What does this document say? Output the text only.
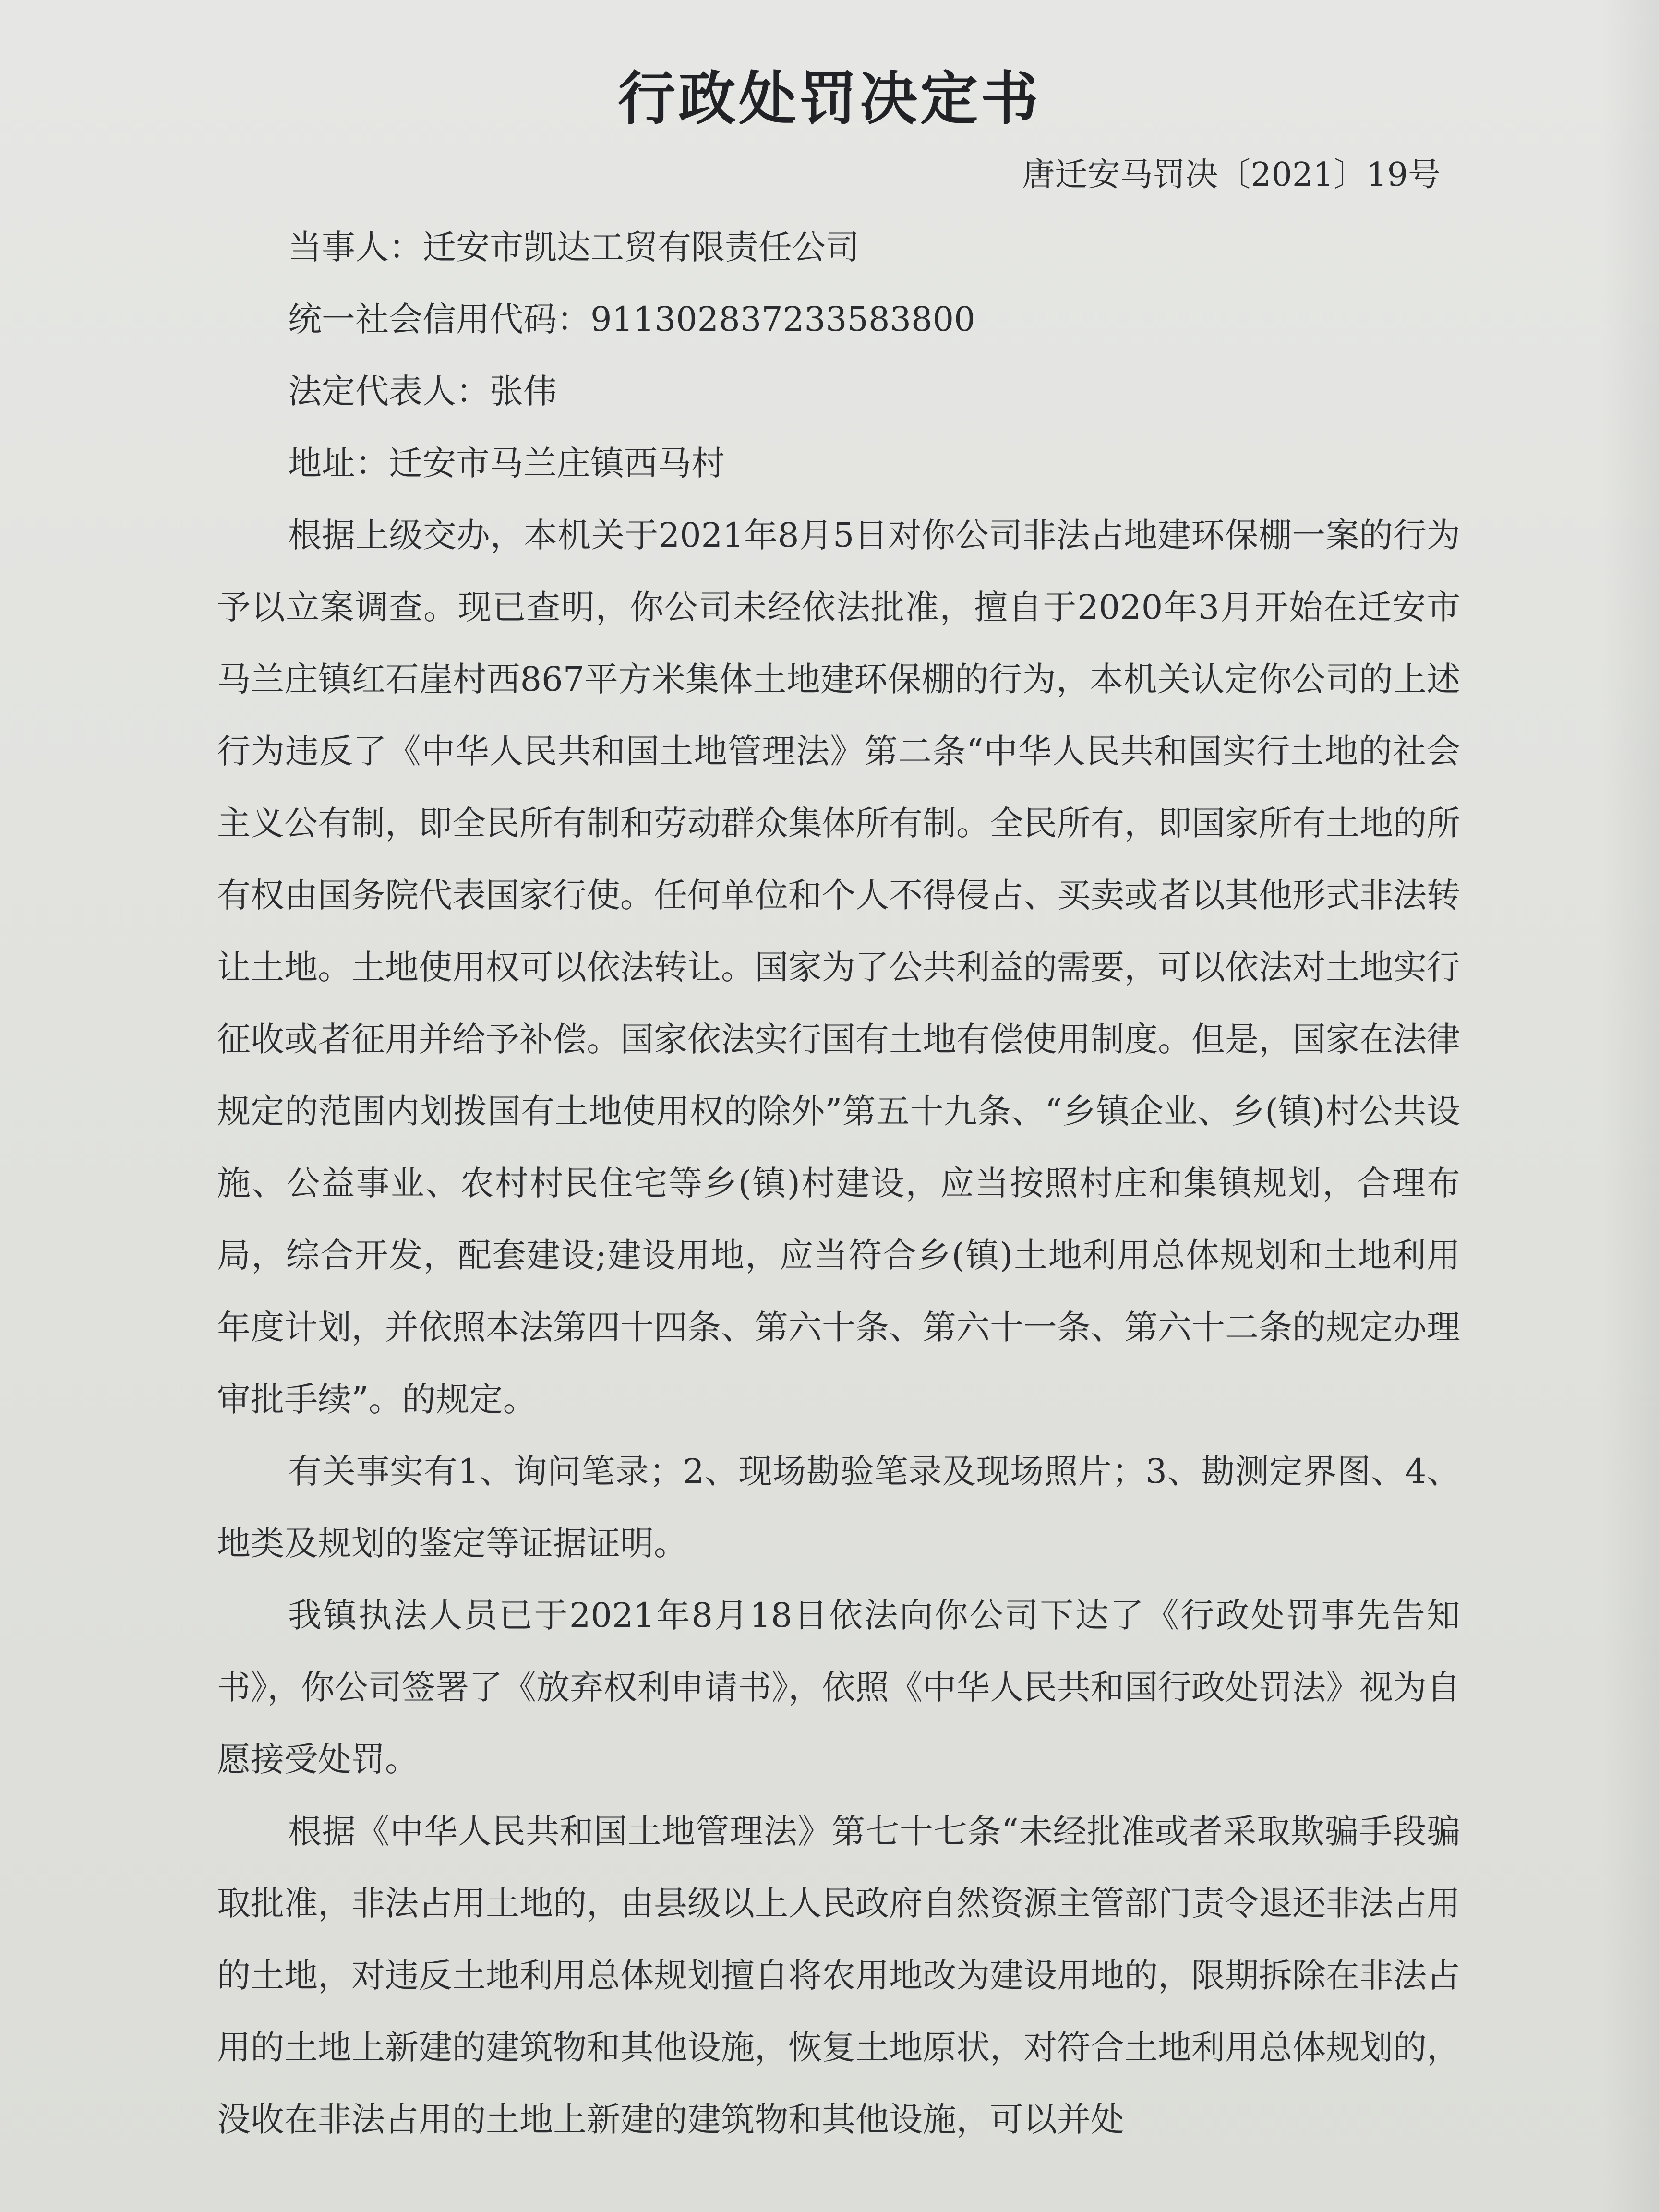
行政处罚决定书
唐迁安马罚决〔2021〕19号
当事人：迁安市凯达工贸有限责任公司
统一社会信用代码：911302837233583800
法定代表人：张伟
地址：迁安市马兰庄镇西马村

根据上级交办，本机关于2021年8月5日对你公司非法占地建环保棚一案的行为予以立案调查。现已查明，你公司未经依法批准，擅自于2020年3月开始在迁安市马兰庄镇红石崖村西867平方米集体土地建环保棚的行为，本机关认定你公司的上述行为违反了《中华人民共和国土地管理法》第二条“中华人民共和国实行土地的社会主义公有制，即全民所有制和劳动群众集体所有制。全民所有，即国家所有土地的所有权由国务院代表国家行使。任何单位和个人不得侵占、买卖或者以其他形式非法转让土地。土地使用权可以依法转让。国家为了公共利益的需要，可以依法对土地实行征收或者征用并给予补偿。国家依法实行国有土地有偿使用制度。但是，国家在法律规定的范围内划拨国有土地使用权的除外”第五十九条、“乡镇企业、乡(镇)村公共设施、公益事业、农村村民住宅等乡(镇)村建设，应当按照村庄和集镇规划，合理布局，综合开发，配套建设;建设用地，应当符合乡(镇)土地利用总体规划和土地利用年度计划，并依照本法第四十四条、第六十条、第六十一条、第六十二条的规定办理审批手续”。的规定。

有关事实有1、询问笔录；2、现场勘验笔录及现场照片；3、勘测定界图、4、地类及规划的鉴定等证据证明。

我镇执法人员已于2021年8月18日依法向你公司下达了《行政处罚事先告知书》，你公司签署了《放弃权利申请书》，依照《中华人民共和国行政处罚法》视为自愿接受处罚。

根据《中华人民共和国土地管理法》第七十七条“未经批准或者采取欺骗手段骗取批准，非法占用土地的，由县级以上人民政府自然资源主管部门责令退还非法占用的土地，对违反土地利用总体规划擅自将农用地改为建设用地的，限期拆除在非法占用的土地上新建的建筑物和其他设施，恢复土地原状，对符合土地利用总体规划的，没收在非法占用的土地上新建的建筑物和其他设施，可以并处
